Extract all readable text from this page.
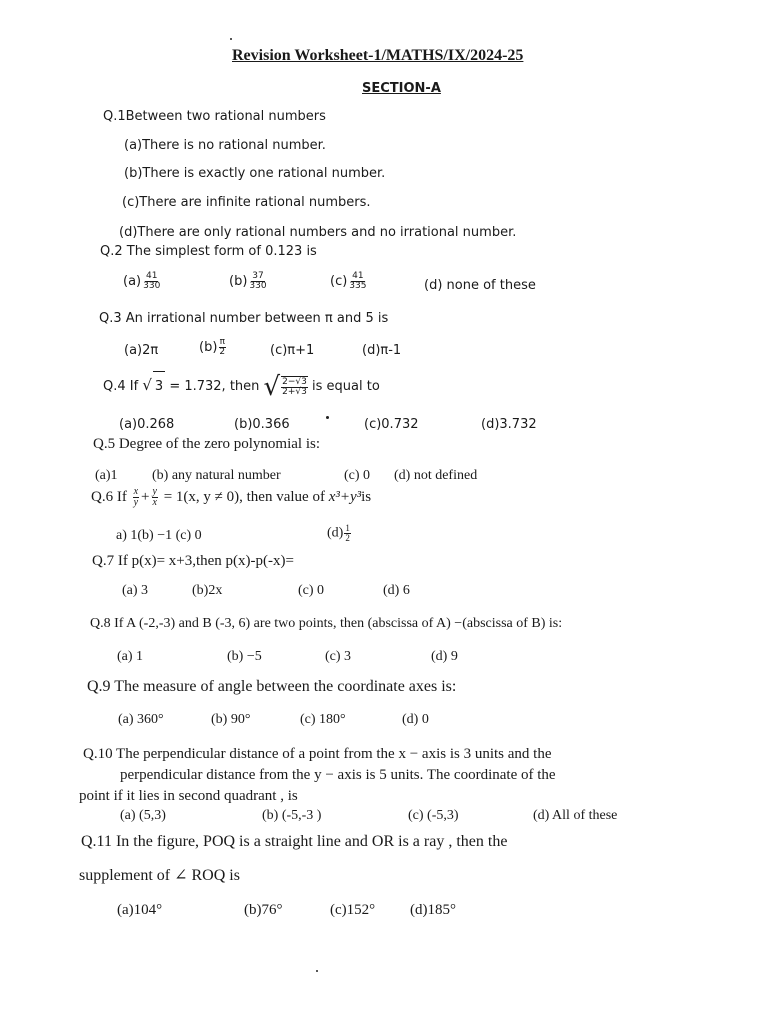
Revision Worksheet-1/MATHS/IX/2024-25
SECTION-A
Q.1Between two rational numbers
(a)There is no rational number.
(b)There is exactly one rational number.
(c)There are infinite rational numbers.
(d)There are only rational numbers and no irrational number.
Q.2 The simplest form of 0.123 is
$(a) \frac{41}{330}$	$(b) \frac{37}{330}$	$(c) \frac{41}{335}$	(d) none of these
Q.3 An irrational number between π and 5 is
(a)2π	$(b) \frac{\pi}{2}$	(c)π+1	(d)π-1
Q.4 If √ 3 = 1.732, then √ $\frac{2-√3}{2+√3}$ is equal to
(a)0.268	(b)0.366	(c)0.732	(d)3.732
Q.5 Degree of the zero polynomial is:
(a)1 (b) any natural number	(c) 0 (d) not defined
Q.6 If $\frac{x}{y} + \frac{y}{x} = 1(x$, y ≠ 0), then value of x³+y³is
a) 1(b) −1 (c) 0	$(d) \frac{1}{2}$
Q.7 If p(x)= x+3,then p(x)-p(-x)=
(a) 3	(b)2x	(c) 0	(d) 6
Q.8 If A (-2,-3) and B (-3, 6) are two points, then (abscissa of A) −(abscissa of B) is:
(a) 1	(b) −5	(c) 3	(d) 9
Q.9 The measure of angle between the coordinate axes is:
(a) 360°	(b) 90°	(c) 180°	(d) 0
Q.10 The perpendicular distance of a point from the x − axis is 3 units and the
perpendicular distance from the y − axis is 5 units. The coordinate of the
point if it lies in second quadrant , is
(a) (5,3)	(b) (-5,-3 )	(c) (-5,3)	(d) All of these
Q.11 In the figure, POQ is a straight line and OR is a ray , then the
supplement of ∠ ROQ is
(a)104°	(b)76°	(c)152° (d)185°
